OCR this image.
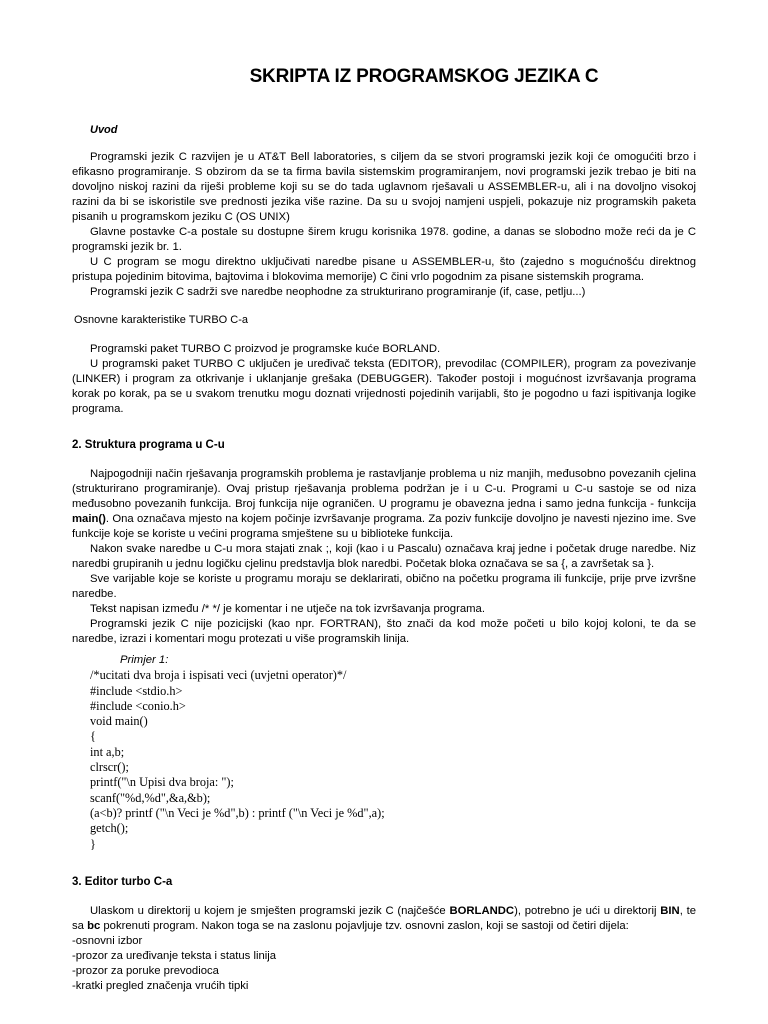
SKRIPTA IZ PROGRAMSKOG JEZIKA C
Uvod

Programski jezik C razvijen je u AT&T Bell laboratories, s ciljem da se stvori programski jezik koji će omogućiti brzo i efikasno programiranje. S obzirom da se ta firma bavila sistemskim programiranjem, novi programski jezik trebao je biti na dovoljno niskoj razini da riješi probleme koji su se do tada uglavnom rješavali u ASSEMBLER-u, ali i na dovoljno visokoj razini da bi se iskoristile sve prednosti jezika više razine. Da su u svojoj namjeni uspjeli, pokazuje niz programskih paketa pisanih u programskom jeziku C (OS UNIX)

Glavne postavke C-a postale su dostupne širem krugu korisnika 1978. godine, a danas se slobodno može reći da je C programski jezik br. 1.

U C program se mogu direktno uključivati naredbe pisane u ASSEMBLER-u, što (zajedno s mogućnošću direktnog pristupa pojedinim bitovima, bajtovima i blokovima memorije) C čini vrlo pogodnim za pisane sistemskih programa.

Programski jezik C sadrži sve naredbe neophodne za strukturirano programiranje (if, case, petlju...)

Osnovne karakteristike TURBO C-a

Programski paket TURBO C proizvod je programske kuće BORLAND.

U programski paket TURBO C uključen je uređivač teksta (EDITOR), prevodilac (COMPILER), program za povezivanje (LINKER) i program za otkrivanje i uklanjanje grešaka (DEBUGGER). Također postoji i mogućnost izvršavanja programa korak po korak, pa se u svakom trenutku mogu doznati vrijednosti pojedinih varijabli, što je pogodno u fazi ispitivanja logike programa.

2. Struktura programa u C-u

Najpogodniji način rješavanja programskih problema je rastavljanje problema u niz manjih, međusobno povezanih cjelina (strukturirano programiranje). Ovaj pristup rješavanja problema podržan je i u C-u. Programi u C-u sastoje se od niza međusobno povezanih funkcija. Broj funkcija nije ograničen. U programu je obavezna jedna i samo jedna funkcija - funkcija main(). Ona označava mjesto na kojem počinje izvršavanje programa. Za poziv funkcije dovoljno je navesti njezino ime. Sve funkcije koje se koriste u većini programa smještene su u biblioteke funkcija.

Nakon svake naredbe u C-u mora stajati znak ;, koji (kao i u Pascalu) označava kraj jedne i početak druge naredbe. Niz naredbi grupiranih u jednu logičku cjelinu predstavlja blok naredbi. Početak bloka označava se sa {, a završetak sa }.

Sve varijable koje se koriste u programu moraju se deklarirati, obično na početku programa ili funkcije, prije prve izvršne naredbe.

Tekst napisan između /* */ je komentar i ne utječe na tok izvršavanja programa.

Programski jezik C nije pozicijski (kao npr. FORTRAN), što znači da kod može početi u bilo kojoj koloni, te da se naredbe, izrazi i komentari mogu protezati u više programskih linija.

Primjer 1:
/*ucitati dva broja i ispisati veci (uvjetni operator)*/
#include <stdio.h>
#include <conio.h>
void main()
{
int a,b;
clrscr();
printf("\n Upisi dva broja: ");
scanf("%d,%d",&a,&b);
(a<b)? printf ("\n Veci je %d",b) : printf ("\n Veci je %d",a);
getch();
}
3. Editor turbo C-a

Ulaskom u direktorij u kojem je smješten programski jezik C (najčešće BORLANDC), potrebno je ući u direktorij BIN, te sa bc pokrenuti program. Nakon toga se na zaslonu pojavljuje tzv. osnovni zaslon, koji se sastoji od četiri dijela:

-osnovni izbor

-prozor za uređivanje teksta i status linija

-prozor za poruke prevodioca

-kratki pregled značenja vrućih tipki
